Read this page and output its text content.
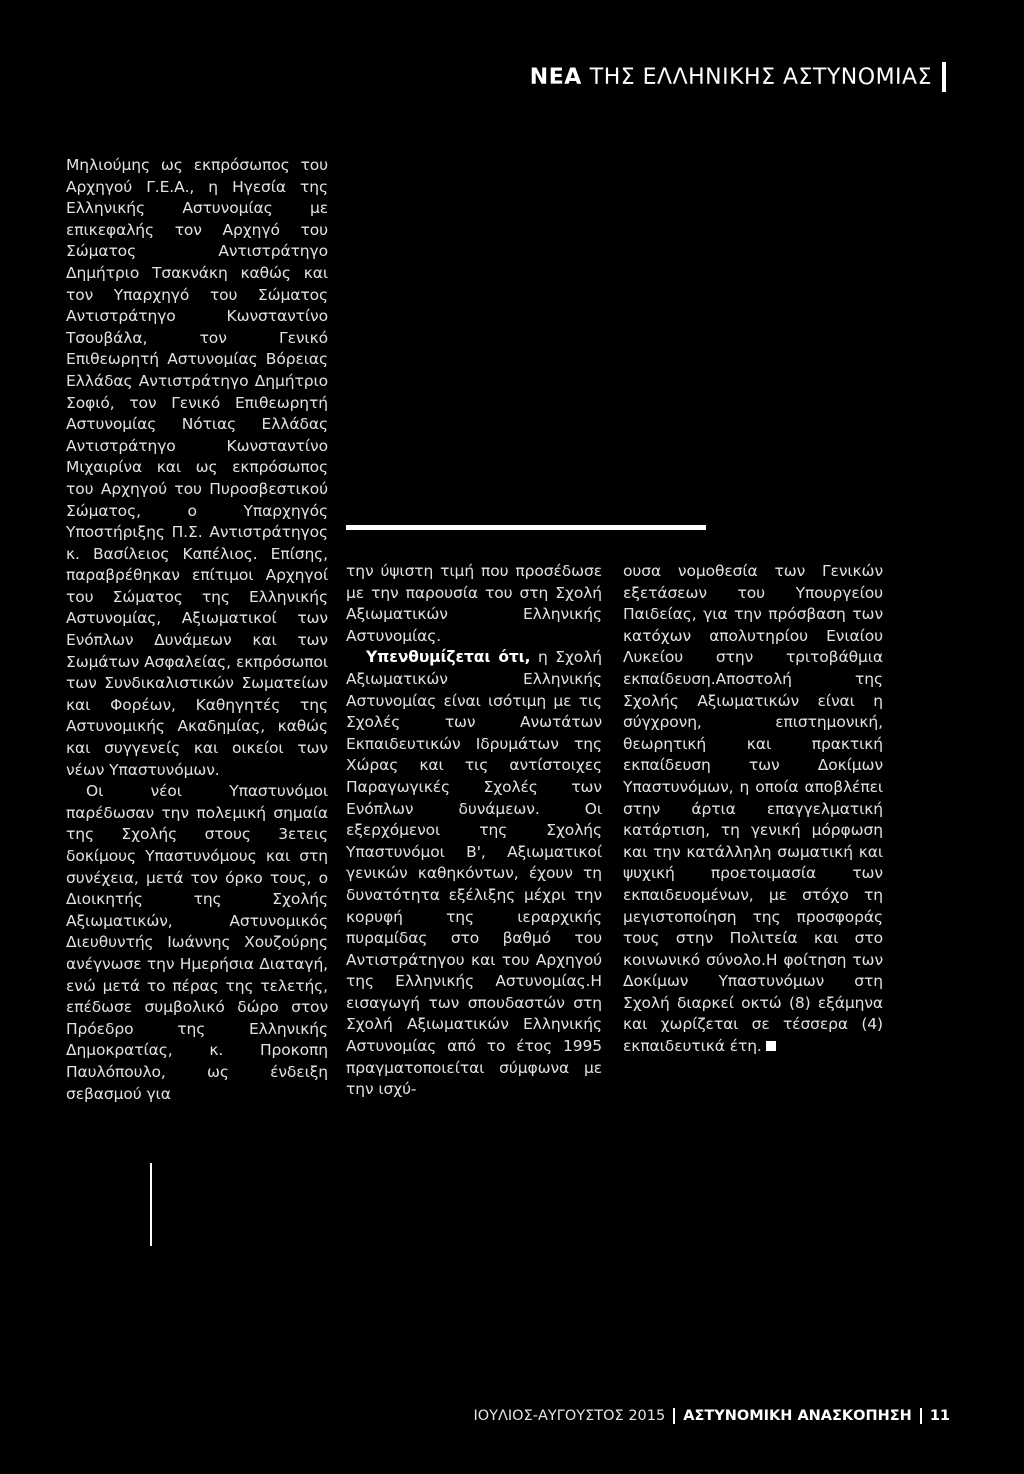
ΝΕΑ ΤΗΣ ΕΛΛΗΝΙΚΗΣ ΑΣΤΥΝΟΜΙΑΣ

Μηλιούμης ως εκπρόσωπος του Αρχηγού Γ.Ε.Α., η Ηγεσία της Ελληνικής Αστυνομίας με επικεφαλής τον Αρχηγό του Σώματος Αντιστράτηγο Δημήτριο Τσακνάκη καθώς και τον Υπαρχηγό του Σώματος Αντιστράτηγο Κωνσταντίνο Τσουβάλα, τον Γενικό Επιθεωρητή Αστυνομίας Βόρειας Ελλάδας Αντιστράτηγο Δημήτριο Σοφιό, τον Γενικό Επιθεωρητή Αστυνομίας Νότιας Ελλάδας Αντιστράτηγο Κωνσταντίνο Μιχαιρίνα και ως εκπρόσωπος του Αρχηγού του Πυροσβεστικού Σώματος, ο Υπαρχηγός Υποστήριξης Π.Σ. Αντιστράτηγος κ. Βασίλειος Καπέλιος. Επίσης, παραβρέθηκαν επίτιμοι Αρχηγοί του Σώματος της Ελληνικής Αστυνομίας, Αξιωματικοί των Ενόπλων Δυνάμεων και των Σωμάτων Ασφαλείας, εκπρόσωποι των Συνδικαλιστικών Σωματείων και Φορέων, Καθηγητές της Αστυνομικής Ακαδημίας, καθώς και συγγενείς και οικείοι των νέων Υπαστυνόμων.

Οι νέοι Υπαστυνόμοι παρέδωσαν την πολεμική σημαία της Σχολής στους 3ετεις δοκίμους Υπαστυνόμους και στη συνέχεια, μετά τον όρκο τους, ο Διοικητής της Σχολής Αξιωματικών, Αστυνομικός Διευθυντής Ιωάννης Χουζούρης ανέγνωσε την Ημερήσια Διαταγή, ενώ μετά το πέρας της τελετής, επέδωσε συμβολικό δώρο στον Πρόεδρο της Ελληνικής Δημοκρατίας, κ. Προκοπη Παυλόπουλο, ως ένδειξη σεβασμού για

την ύψιστη τιμή που προσέδωσε με την παρουσία του στη Σχολή Αξιωματικών Ελληνικής Αστυνομίας.

Υπενθυμίζεται ότι, η Σχολή Αξιωματικών Ελληνικής Αστυνομίας είναι ισότιμη με τις Σχολές των Ανωτάτων Εκπαιδευτικών Ιδρυμάτων της Χώρας και τις αντίστοιχες Παραγωγικές Σχολές των Ενόπλων δυνάμεων. Οι εξερχόμενοι της Σχολής Υπαστυνόμοι Β', Αξιωματικοί γενικών καθηκόντων, έχουν τη δυνατότητα εξέλιξης μέχρι την κορυφή της ιεραρχικής πυραμίδας στο βαθμό του Αντιστράτηγου και του Αρχηγού της Ελληνικής Αστυνομίας.Η εισαγωγή των σπουδαστών στη Σχολή Αξιωματικών Ελληνικής Αστυνομίας από το έτος 1995 πραγματοποιείται σύμφωνα με την ισχύ-

ουσα νομοθεσία των Γενικών εξετάσεων του Υπουργείου Παιδείας, για την πρόσβαση των κατόχων απολυτηρίου Ενιαίου Λυκείου στην τριτοβάθμια εκπαίδευση.Αποστολή της Σχολής Αξιωματικών είναι η σύγχρονη, επιστημονική, θεωρητική και πρακτική εκπαίδευση των Δοκίμων Υπαστυνόμων, η οποία αποβλέπει στην άρτια επαγγελματική κατάρτιση, τη γενική μόρφωση και την κατάλληλη σωματική και ψυχική προετοιμασία των εκπαιδευομένων, με στόχο τη μεγιστοποίηση της προσφοράς τους στην Πολιτεία και στο κοινωνικό σύνολο.Η φοίτηση των Δοκίμων Υπαστυνόμων στη Σχολή διαρκεί οκτώ (8) εξάμηνα και χωρίζεται σε τέσσερα (4) εκπαιδευτικά έτη.

ΙΟΥΛΙΟΣ-ΑΥΓΟΥΣΤΟΣ 2015 ΑΣΤΥΝΟΜΙΚΗ ΑΝΑΣΚΟΠΗΣΗ 11
